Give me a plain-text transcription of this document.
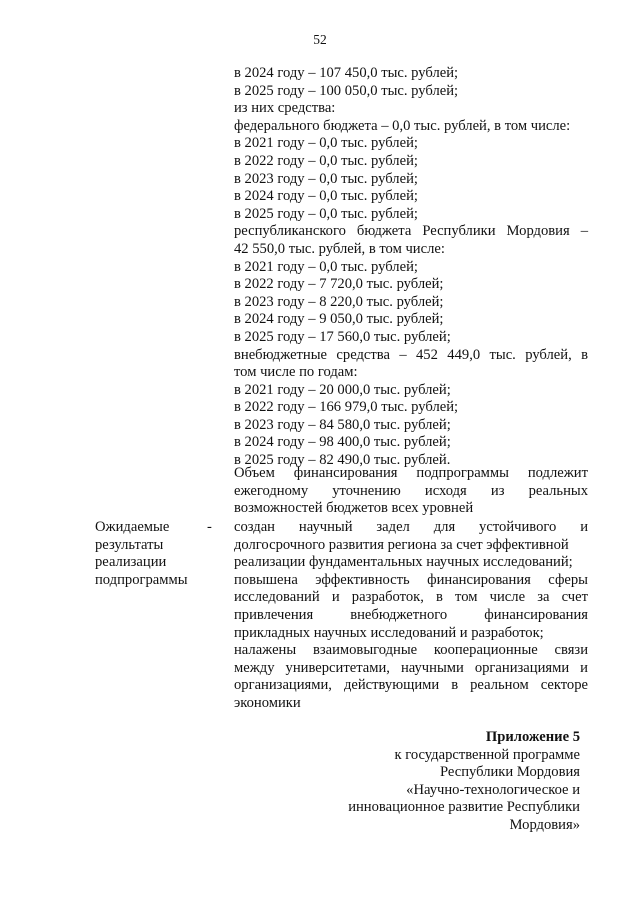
52
в 2024 году – 107 450,0 тыс. рублей;
в 2025 году – 100 050,0 тыс. рублей;
из них средства:
федерального бюджета – 0,0 тыс. рублей, в том числе:
в 2021 году – 0,0 тыс. рублей;
в 2022 году – 0,0 тыс. рублей;
в 2023 году – 0,0 тыс. рублей;
в 2024 году – 0,0 тыс. рублей;
в 2025 году – 0,0 тыс. рублей;
республиканского бюджета Республики Мордовия –
42 550,0 тыс. рублей, в том числе:
в 2021 году – 0,0 тыс. рублей;
в 2022 году – 7 720,0 тыс. рублей;
в 2023 году – 8 220,0 тыс. рублей;
в 2024 году – 9 050,0 тыс. рублей;
в 2025 году – 17 560,0 тыс. рублей;
внебюджетные средства – 452 449,0 тыс. рублей, в
том числе по годам:
в 2021 году – 20 000,0 тыс. рублей;
в 2022 году – 166 979,0 тыс. рублей;
в 2023 году – 84 580,0 тыс. рублей;
в 2024 году – 98 400,0 тыс. рублей;
в 2025 году – 82 490,0 тыс. рублей.
Объем финансирования подпрограммы подлежит
ежегодному уточнению исходя из реальных
возможностей бюджетов всех уровней
Ожидаемые
результаты
реализации
подпрограммы
- создан научный задел для устойчивого и
долгосрочного развития региона за счет эффективной
реализации фундаментальных научных исследований;
повышена эффективность финансирования сферы
исследований и разработок, в том числе за счет
привлечения внебюджетного финансирования
прикладных научных исследований и разработок;
налажены взаимовыгодные кооперационные связи
между университетами, научными организациями и
организациями, действующими в реальном секторе
экономики
Приложение 5
к государственной программе
Республики Мордовия
«Научно-технологическое и
инновационное развитие Республики
Мордовия»
